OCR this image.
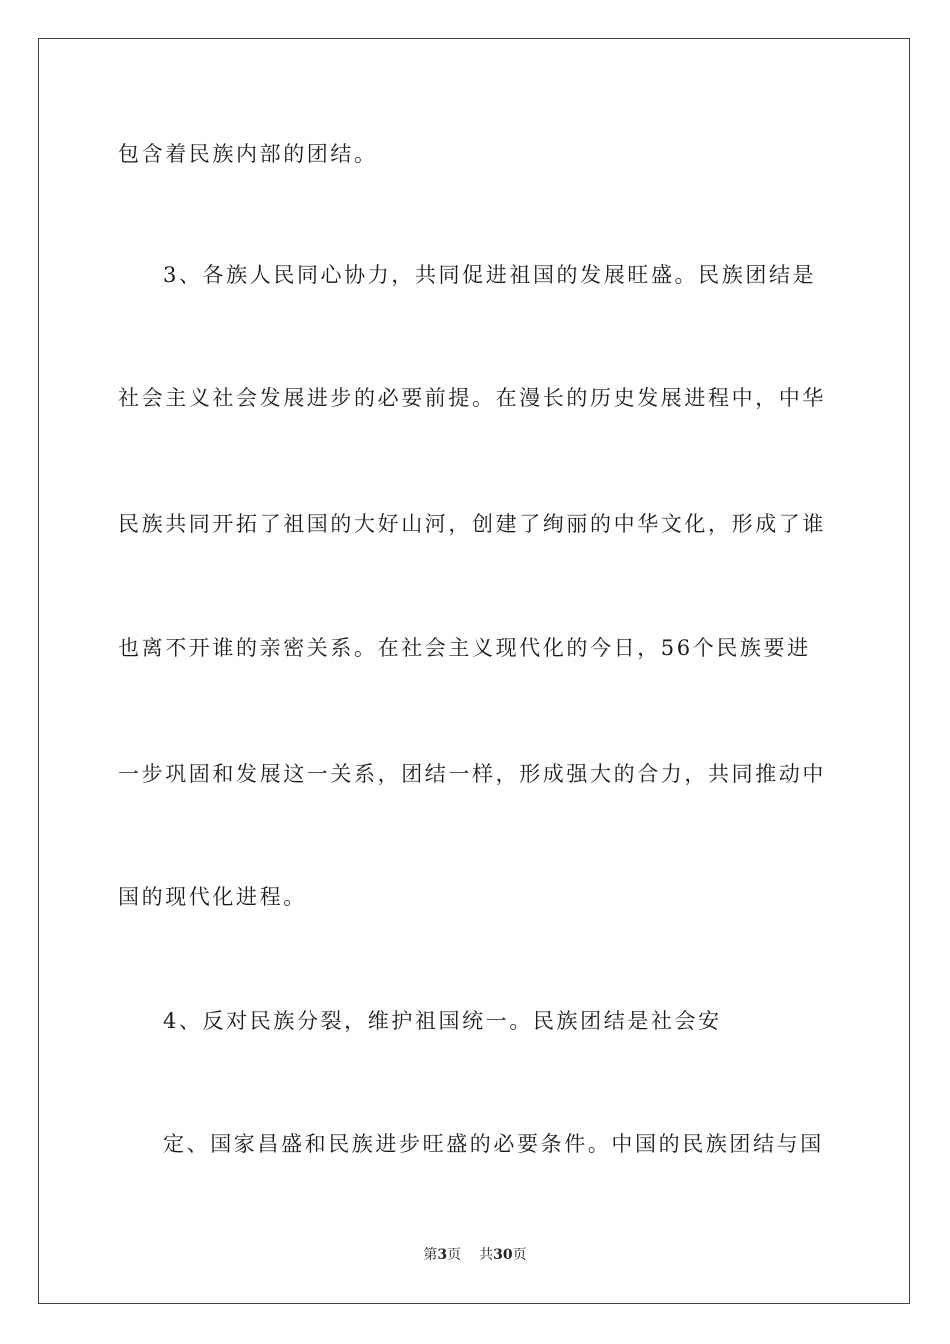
包含着民族内部的团结。
3、各族人民同心协力，共同促进祖国的发展旺盛。民族团结是
社会主义社会发展进步的必要前提。在漫长的历史发展进程中，中华
民族共同开拓了祖国的大好山河，创建了绚丽的中华文化，形成了谁
也离不开谁的亲密关系。在社会主义现代化的今日，56个民族要进
一步巩固和发展这一关系，团结一样，形成强大的合力，共同推动中
国的现代化进程。
4、反对民族分裂，维护祖国统一。民族团结是社会安
定、国家昌盛和民族进步旺盛的必要条件。中国的民族团结与国
第3页 共30页
